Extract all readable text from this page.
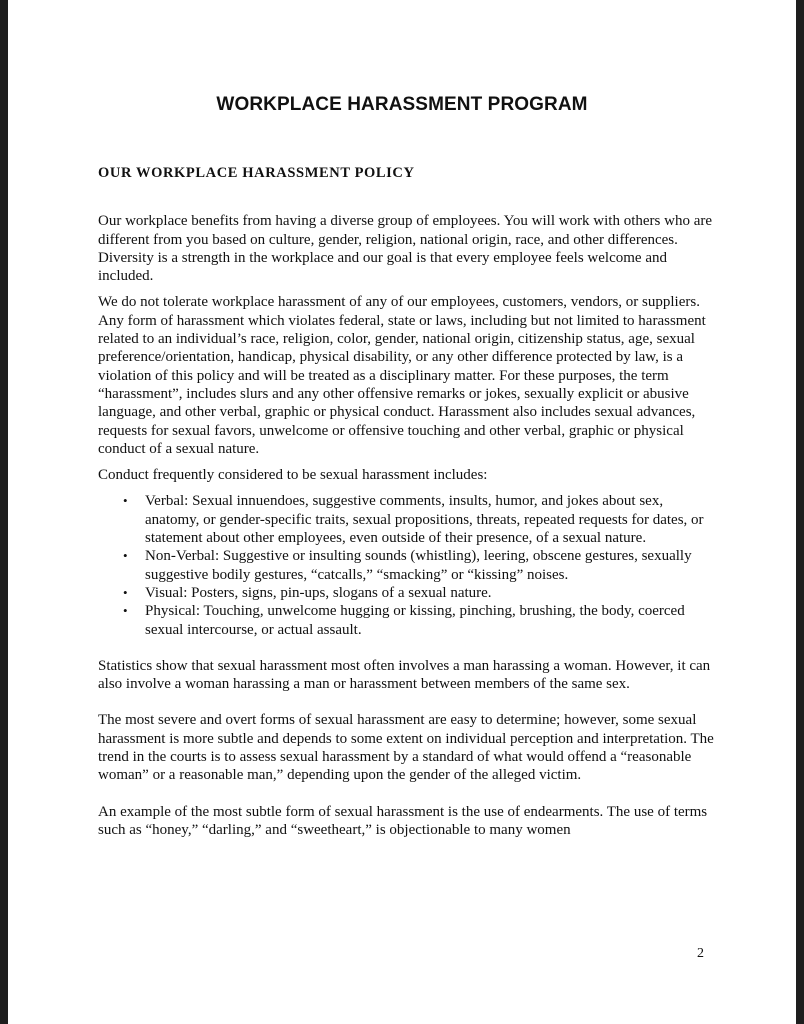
WORKPLACE HARASSMENT PROGRAM
OUR WORKPLACE HARASSMENT POLICY

Our workplace benefits from having a diverse group of employees. You will work with others who are different from you based on culture, gender, religion, national origin, race, and other differences. Diversity is a strength in the workplace and our goal is that every employee feels welcome and included.

We do not tolerate workplace harassment of any of our employees, customers, vendors, or suppliers. Any form of harassment which violates federal, state or laws, including but not limited to harassment related to an individual’s race, religion, color, gender, national origin, citizenship status, age, sexual preference/orientation, handicap, physical disability, or any other difference protected by law, is a violation of this policy and will be treated as a disciplinary matter. For these purposes, the term “harassment”, includes slurs and any other offensive remarks or jokes, sexually explicit or abusive language, and other verbal, graphic or physical conduct. Harassment also includes sexual advances, requests for sexual favors, unwelcome or offensive touching and other verbal, graphic or physical conduct of a sexual nature.

Conduct frequently considered to be sexual harassment includes:

• Verbal: Sexual innuendoes, suggestive comments, insults, humor, and jokes about sex, anatomy, or gender-specific traits, sexual propositions, threats, repeated requests for dates, or statement about other employees, even outside of their presence, of a sexual nature.
• Non-Verbal: Suggestive or insulting sounds (whistling), leering, obscene gestures, sexually suggestive bodily gestures, “catcalls,” “smacking” or “kissing” noises.
• Visual: Posters, signs, pin-ups, slogans of a sexual nature.
• Physical: Touching, unwelcome hugging or kissing, pinching, brushing, the body, coerced sexual intercourse, or actual assault.

Statistics show that sexual harassment most often involves a man harassing a woman. However, it can also involve a woman harassing a man or harassment between members of the same sex.

The most severe and overt forms of sexual harassment are easy to determine; however, some sexual harassment is more subtle and depends to some extent on individual perception and interpretation. The trend in the courts is to assess sexual harassment by a standard of what would offend a “reasonable woman” or a reasonable man,” depending upon the gender of the alleged victim.

An example of the most subtle form of sexual harassment is the use of endearments. The use of terms such as “honey,” “darling,” and “sweetheart,” is objectionable to many women

2
